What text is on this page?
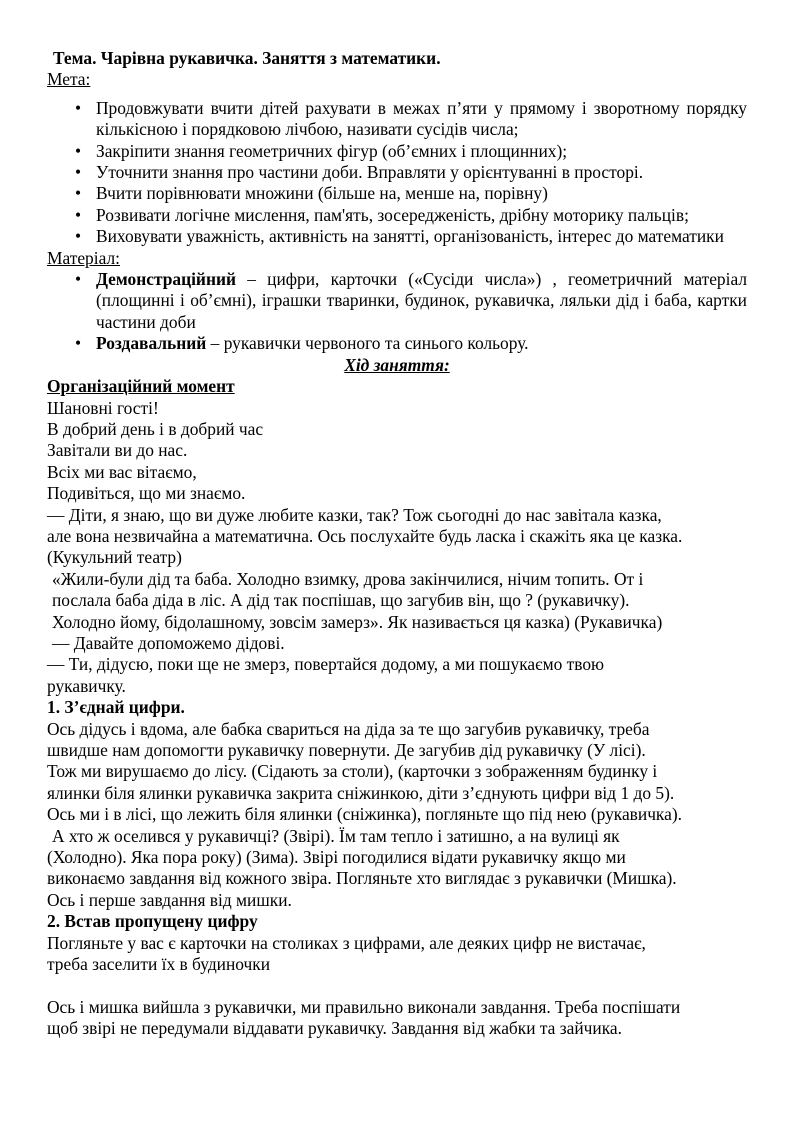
Тема. Чарівна рукавичка. Заняття з математики.
Мета:
• Продовжувати вчити дітей рахувати в межах п’яти у прямому і зворотному порядку кількісною і порядковою лічбою, називати сусідів числа;
• Закріпити знання геометричних фігур (об’ємних і площинних);
• Уточнити знання про частини доби. Вправляти у орієнтуванні в просторі.
• Вчити порівнювати множини (більше на, менше на, порівну)
• Розвивати логічне мислення, пам'ять, зосередженість, дрібну моторику пальців;
• Виховувати уважність, активність на занятті, організованість, інтерес до математики
Матеріал:
• Демонстраційний – цифри, карточки («Сусіди числа») , геометричний матеріал (площинні і об’ємні), іграшки тваринки, будинок, рукавичка, ляльки дід і баба, картки частини доби
• Роздавальний – рукавички червоного та синього кольору.
Хід заняття:
Організаційний момент
Шановні гості!
В добрий день і в добрий час
Завітали ви до нас.
Всіх ми вас вітаємо,
Подивіться, що ми знаємо.
— Діти, я знаю, що ви дуже любите казки, так? Тож сьогодні до нас завітала казка,
але вона незвичайна а математична. Ось послухайте будь ласка і скажіть яка це казка.
(Кукульний театр)
«Жили-були дід та баба. Холодно взимку, дрова закінчилися, нічим топить. От і
послала баба діда в ліс. А дід так поспішав, що загубив він, що ? (рукавичку).
Холодно йому, бідолашному, зовсім замерз». Як називається ця казка) (Рукавичка)
— Давайте допоможемо дідові.
— Ти, дідусю, поки ще не змерз, повертайся додому, а ми пошукаємо твою
рукавичку.
1. З’єднай цифри.
Ось дідусь і вдома, але бабка свариться на діда за те що загубив рукавичку, треба
швидше нам допомогти рукавичку повернути. Де загубив дід рукавичку (У лісі).
Тож ми вирушаємо до лісу. (Сідають за столи), (карточки з зображенням будинку і
ялинки біля ялинки рукавичка закрита сніжинкою, діти з’єднують цифри від 1 до 5).
Ось ми і в лісі, що лежить біля ялинки (сніжинка), погляньте що під нею (рукавичка).
А хто ж оселився у рукавичці? (Звірі). Їм там тепло і затишно, а на вулиці як
(Холодно). Яка пора року) (Зима). Звірі погодилися відати рукавичку якщо ми
виконаємо завдання від кожного звіра. Погляньте хто виглядає з рукавички (Мишка).
Ось і перше завдання від мишки.
2. Встав пропущену цифру
Погляньте у вас є карточки на столиках з цифрами, але деяких цифр не вистачає,
треба заселити їх в будиночки
Ось і мишка вийшла з рукавички, ми правильно виконали завдання. Треба поспішати
щоб звірі не передумали віддавати рукавичку. Завдання від жабки та зайчика.
